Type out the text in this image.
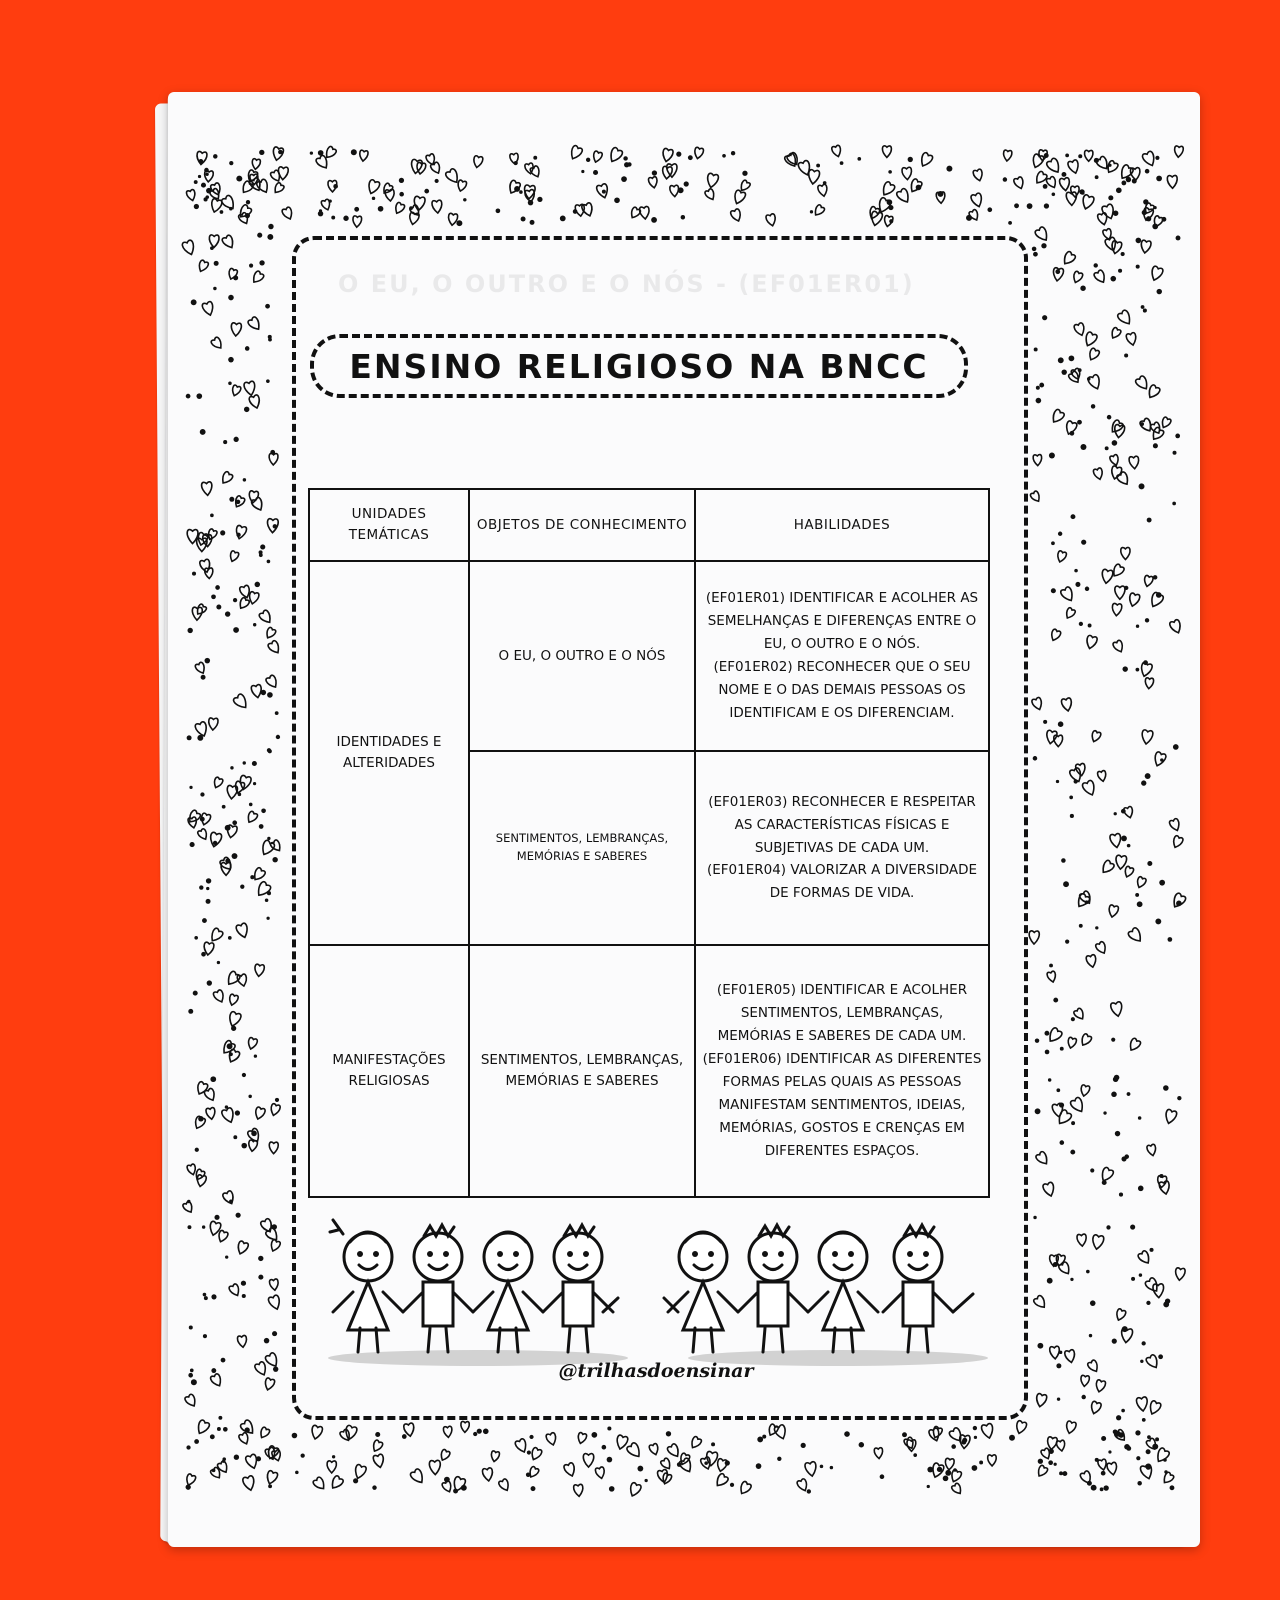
O EU, O OUTRO E O NÓS - (EF01ER01)
ENSINO RELIGIOSO NA BNCC
UNIDADES TEMÁTICAS	OBJETOS DE CONHECIMENTO	HABILIDADES
IDENTIDADES E ALTERIDADES	O EU, O OUTRO E O NÓS	(EF01ER01) IDENTIFICAR E ACOLHER AS SEMELHANÇAS E DIFERENÇAS ENTRE O EU, O OUTRO E O NÓS.
(EF01ER02) RECONHECER QUE O SEU NOME E O DAS DEMAIS PESSOAS OS IDENTIFICAM E OS DIFERENCIAM.

	SENTIMENTOS, LEMBRANÇAS, MEMÓRIAS E SABERES	(EF01ER03) RECONHECER E RESPEITAR AS CARACTERÍSTICAS FÍSICAS E SUBJETIVAS DE CADA UM.
(EF01ER04) VALORIZAR A DIVERSIDADE DE FORMAS DE VIDA.

MANIFESTAÇÕES RELIGIOSAS	SENTIMENTOS, LEMBRANÇAS, MEMÓRIAS E SABERES	(EF01ER05) IDENTIFICAR E ACOLHER SENTIMENTOS, LEMBRANÇAS, MEMÓRIAS E SABERES DE CADA UM.
(EF01ER06) IDENTIFICAR AS DIFERENTES FORMAS PELAS QUAIS AS PESSOAS MANIFESTAM SENTIMENTOS, IDEIAS, MEMÓRIAS, GOSTOS E CRENÇAS EM DIFERENTES ESPAÇOS.
@trilhasdoensinar
